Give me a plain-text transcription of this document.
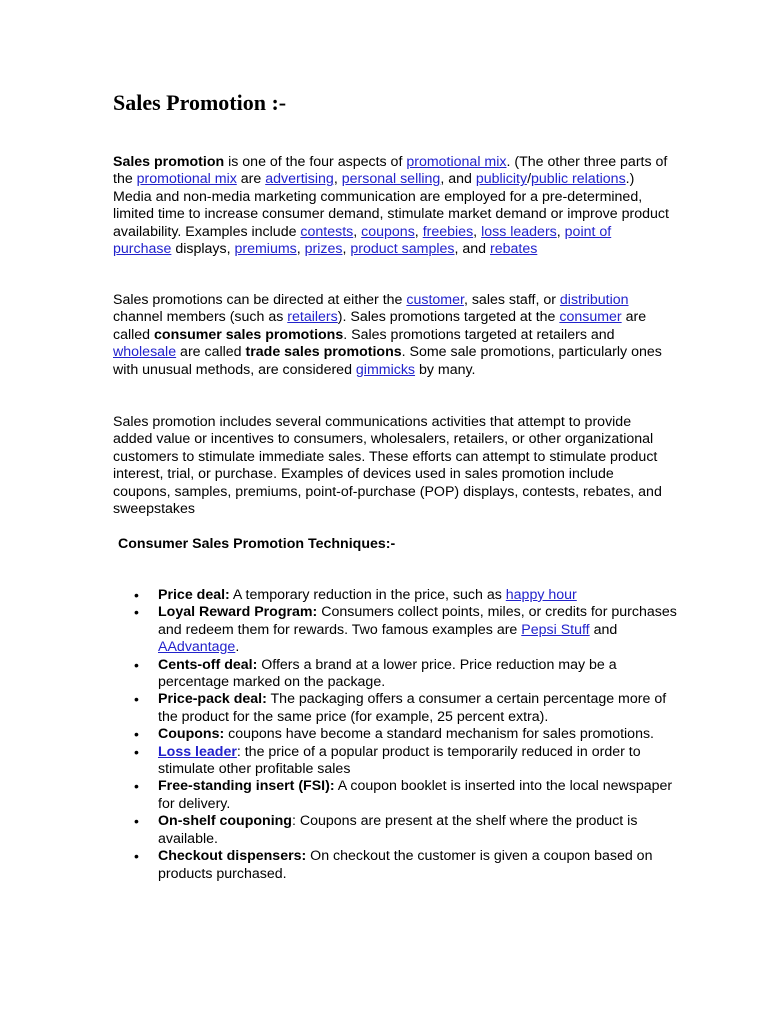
Sales Promotion :-

Sales promotion is one of the four aspects of promotional mix. (The other three parts of the promotional mix are advertising, personal selling, and publicity/public relations.) Media and non-media marketing communication are employed for a pre-determined, limited time to increase consumer demand, stimulate market demand or improve product availability. Examples include contests, coupons, freebies, loss leaders, point of purchase displays, premiums, prizes, product samples, and rebates

Sales promotions can be directed at either the customer, sales staff, or distribution channel members (such as retailers). Sales promotions targeted at the consumer are called consumer sales promotions. Sales promotions targeted at retailers and wholesale are called trade sales promotions. Some sale promotions, particularly ones with unusual methods, are considered gimmicks by many.

Sales promotion includes several communications activities that attempt to provide added value or incentives to consumers, wholesalers, retailers, or other organizational customers to stimulate immediate sales. These efforts can attempt to stimulate product interest, trial, or purchase. Examples of devices used in sales promotion include coupons, samples, premiums, point-of-purchase (POP) displays, contests, rebates, and sweepstakes

Consumer Sales Promotion Techniques:-

• Price deal: A temporary reduction in the price, such as happy hour
• Loyal Reward Program: Consumers collect points, miles, or credits for purchases and redeem them for rewards. Two famous examples are Pepsi Stuff and AAdvantage.
• Cents-off deal: Offers a brand at a lower price. Price reduction may be a percentage marked on the package.
• Price-pack deal: The packaging offers a consumer a certain percentage more of the product for the same price (for example, 25 percent extra).
• Coupons: coupons have become a standard mechanism for sales promotions.
• Loss leader: the price of a popular product is temporarily reduced in order to stimulate other profitable sales
• Free-standing insert (FSI): A coupon booklet is inserted into the local newspaper for delivery.
• On-shelf couponing: Coupons are present at the shelf where the product is available.
• Checkout dispensers: On checkout the customer is given a coupon based on products purchased.
